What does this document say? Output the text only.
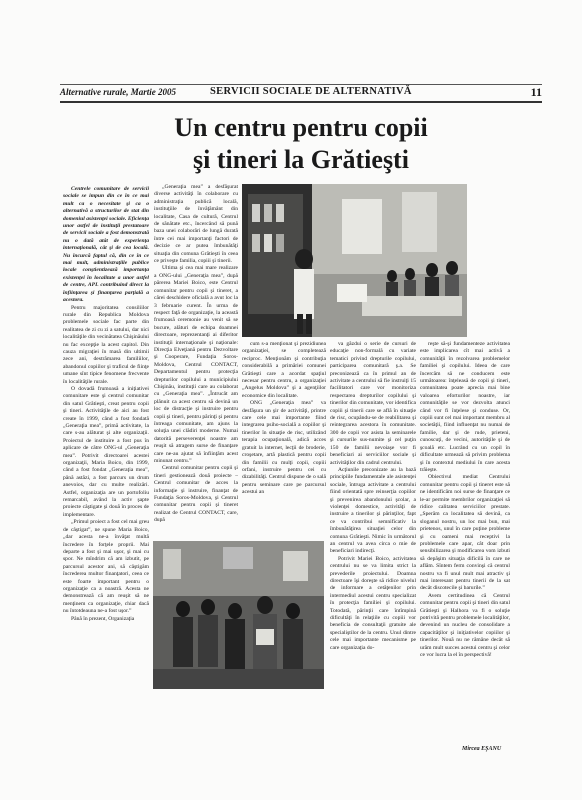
Alternative rurale, Martie 2005	SERVICII SOCIALE DE ALTERNATIVĂ	11
Un centru pentru copii
şi tineri la Grătieşti

Centrele comunitare de servicii sociale se impun din ce în ce mai mult ca o necesitate şi ca o alternativă a structurilor de stat din domeniul asistenţei sociale. Eficienţa unor astfel de instituţii prestatoare de servicii sociale a fost demonstrată nu o dată atât de experienţa internaţională, cât şi de cea locală. Nu încurcă faptul că, din ce în ce mai mult, administraţiile publice locale conştientizează importanţa existenţei în localitate a unor astfel de centre, APL contribuind direct la înfiinţarea şi finanţarea parţială a acestora.

Pentru majoritatea consiliilor rurale din Republica Moldova problemele sociale fac parte din realitatea de zi cu zi a satului, dar nici localităţile din vecinătatea Chişinăului nu fac excepţie la acest capitol. Din cauza migraţiei în masă din ultimii zece ani, destrămarea familiilor, abandonul copiilor şi traficul de fiinţe umane sînt tipice fenomene frecvente în localităţile rurale.

O dovadă frumoasă a iniţiativei comunitare este şi centrul comunitar din satul Grătieşti, creat pentru copii şi tineri. Activităţile de aici au fost create în 1999, când a fost fondată „Generaţia mea”, primă activitate, la care s-au alăturat şi alte organizaţii. Proiectul de instituire a fost pus în aplicare de către ONG-ul „Generaţia mea”. Potrivit directoarei acestei organizaţii, Maria Boico, din 1999, când a fost fondat „Generaţia mea”, până astăzi, a fost parcurs un drum anevoios, dar cu multe realizări. Astfel, organizaţia are un portofoliu remarcabil, având la activ şapte proiecte câştigate şi două în proces de implementare.

„Primul proiect a fost cel mai greu de câştigat”, ne spune Maria Boico, „dar acesta ne-a învăţat multă încredere în forţele proprii. Mai departe a fost şi mai uşor, şi mai cu spor. Ne mîndrim că am izbutit, pe parcursul acestor ani, să câştigăm încrederea multor finanţatori, ceea ce este foarte important pentru o organizaţie ca a noastră. Acesta ne demonstrează că am reuşit să ne menţinem ca organizaţie, chiar dacă nu întotdeauna ne-a fost uşor.”

Până în prezent, Organizaţia

„Generaţia mea” a desfăşurat diverse activităţi în colaborare cu administraţia publică locală, instituţiile de învăţământ din localitate, Casa de cultură, Centrul de sănătate etc., încercând să pună baza unei colaborări de lungă durată între cei mai importanţi factori de decizie ce ar putea îmbunătăţi situaţia din comuna Grătieşti în ceea ce priveşte familia, copiii şi tinerii.

Ultima şi cea mai mare realizare a ONG-ului „Generaţia mea”, după părerea Mariei Boico, este Centrul comunitar pentru copii şi tineret, a cărei deschidere oficială a avut loc la 3 februarie curent. În urma de respect faţă de organizaţie, la această frumoasă ceremonie au venit să se bucure, alături de echipa doamnei directoare, reprezentanţi ai diferitor instituţii internaţionale şi naţionale: Direcţia Elveţiană pentru Dezvoltare şi Cooperare, Fundaţia Soros-Moldova, Centrul CONTACT, Departamentul pentru protecţia drepturilor copilului a municipiului Chişinău, instituţii care au colaborat cu „Generaţia mea”. „Întrucât am plănuit ca acest centru să devină un loc de distracţie şi instruire pentru copii şi tineri, pentru părinţi şi pentru întreaga comunitate, am ajuns la soluţia unei clădiri moderne. Numai datorită perseverenţei noastre am reuşit să atragem surse de finanţare care ne-au ajutat să înfiinţăm acest minunat centru.”

Centrul comunitar pentru copii şi tineri gestionează două proiecte – Centrul comunitar de acces la informaţie şi instruire, finanţat de Fundaţia Soros-Moldova, şi Centrul comunitar pentru copii şi tineret realizat de Centrul CONTACT, care, după

cum s-a menţionat şi prezidiunea organizaţiei, se completează reciproc. Menţionăm şi contribuţia considerabilă a primăriei comunei Grătieşti care a acordat spaţiul necesar pentru centru, a organizaţiei „Angelus Moldova” şi a agenţiilor economice din localitate.

ONG „Generaţia mea” va desfăşura un şir de activităţi, printre care cele mai importante fiind integrarea psiho-socială a copiilor şi tinerilor în situaţie de risc, utilizând terapia ocupaţională, adică acces gratuit la internet, lecţii de broderie, croşetare, artă plastică pentru copii din familii cu mulţi copii, copiii orfani, instruire pentru cei cu dizabilităţi. Centrul dispune de o sală pentru seminare care pe parcursul acestui an

va găzdui o serie de cursuri de educaţie non-formală cu variate tematici privind drepturile copilului, participarea comunitară ş.a. Se preconizează ca în primul an de activitate a centrului să fie instruiţi 15 facilitatori care vor monitoriza respectarea drepturilor copilului şi tinerilor din comunitate, vor identifica copiii şi tinerii care se află în situaţie de risc, ocupându-se de reabilitarea şi reintegrarea acestora în comunitate. 300 de copii vor asista la seminarele şi cursurile sus-numite şi cel puţin 150 de familii nevoiaşe vor fi beneficiari ai serviciilor sociale şi activităţilor din cadrul centrului.

Acţiunile preconizate au la bază principiile fundamentale ale asistenţei sociale, întruga activitate a centrului fiind orientată spre reinserţia copiilor şi prevenirea abandonului şcolar, a violenţei domestice, activităţi de instruire a tinerilor şi părinţilor, fapt ce va contribui semnificativ la îmbunătăţirea situaţiei celor din comuna Grătieşti. Nimic în următorul an centrul va avea circa o mie de beneficiari indirecţi.

Potrivit Mariei Boico, activitatea centrului nu se va limita strict la prevederile proiectului. Doamna directoare îşi doreşte să ridice nivelul de informare a cetăţenilor prin intermediul acestui centru specializat în protecţia familiei şi copilului. Totodată, părinţii care întîmpină dificultăţi în relaţiile cu copiii vor beneficia de consultaţii gratuite ale specialiştilor de la centru. Unul dintre cele mai importante mecanisme pe care organizaţia do-

reşte să-şi fundamenteze activitatea este implicarea cît mai activă a comunităţii în rezolvarea problemelor familiei şi copilului. Ideea de care încercăm să ne conducem este următoarea: înţeleasă de copii şi tineri, comunitatea poate aprecia mai bine valoarea eforturilor noastre, iar comunităţile se vor dezvolta atunci când vor fi înţelese şi conduse. Or, copiii sunt cel mai important membru al societăţii, fiind influenţat nu numai de familie, dar şi de rude, prieteni, cunoscuţi, de vecini, autorităţile şi de şcoală etc. Lucrând cu un copil în dificultate urmează să privim problema şi în contextul mediului în care acesta trăieşte.

Obiectivul mediat Centrului comunitar pentru copii şi tineret este să ne identificăm noi surse de finanţare ce le-ar permite membrilor organizaţiei să ridice calitatea serviciilor prestate. „Sperăm ca localitatea să devină, ca sloganul nostru, un loc mai bun, mai prietenos, unul în care puţine probleme şi cu oameni mai receptivi la problemele care apar, cât doar prin sensibilizarea şi modificarea vom izbuti să depăşim situaţia dificilă în care ne aflăm. Sîntem ferm convinşi că centrul nostru va fi unul mult mai atractiv şi mai interesant pentru tinerii de la sat decât discotecile şi barurile.”

Avem certitudinea că Centrul comunitar pentru copii şi tineri din satul Grătieşti şi Halhora va fi o soluţie potrivită pentru problemele localităţilor, devenind un nucleu de consolidare a capacităţilor şi iniţiativelor copiilor şi tinerilor. Nouă nu ne rămâne decât să urăm mult succes acestui centru şi celor ce vor lucra la el în perspectivă!

Mircea EŞANU
